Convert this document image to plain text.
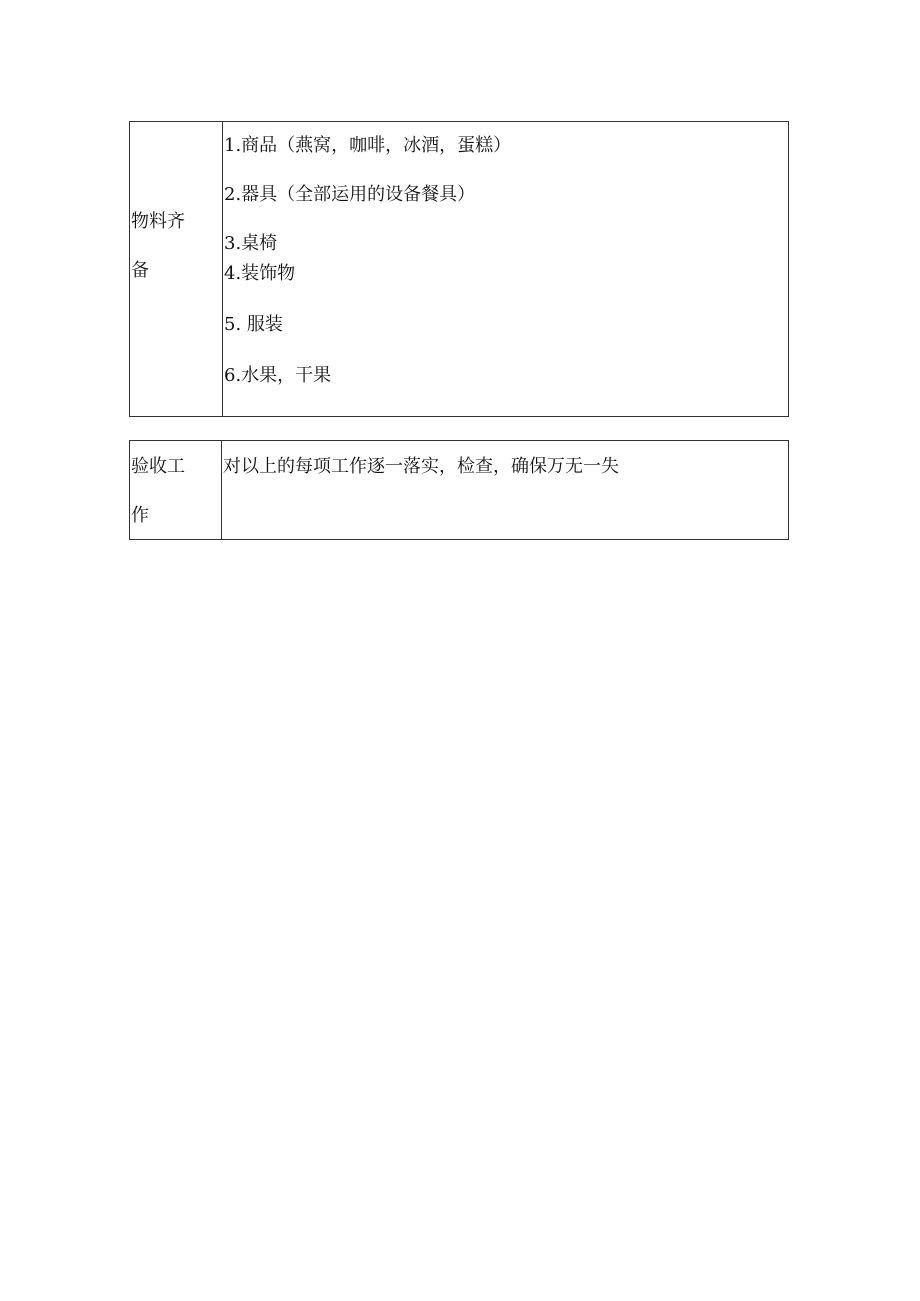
物料齐
备
1.商品（燕窝，咖啡，冰酒，蛋糕）
2.器具（全部运用的设备餐具）
3.桌椅
4.装饰物
5. 服装
6.水果，干果
验收工
作
对以上的每项工作逐一落实，检查，确保万无一失
